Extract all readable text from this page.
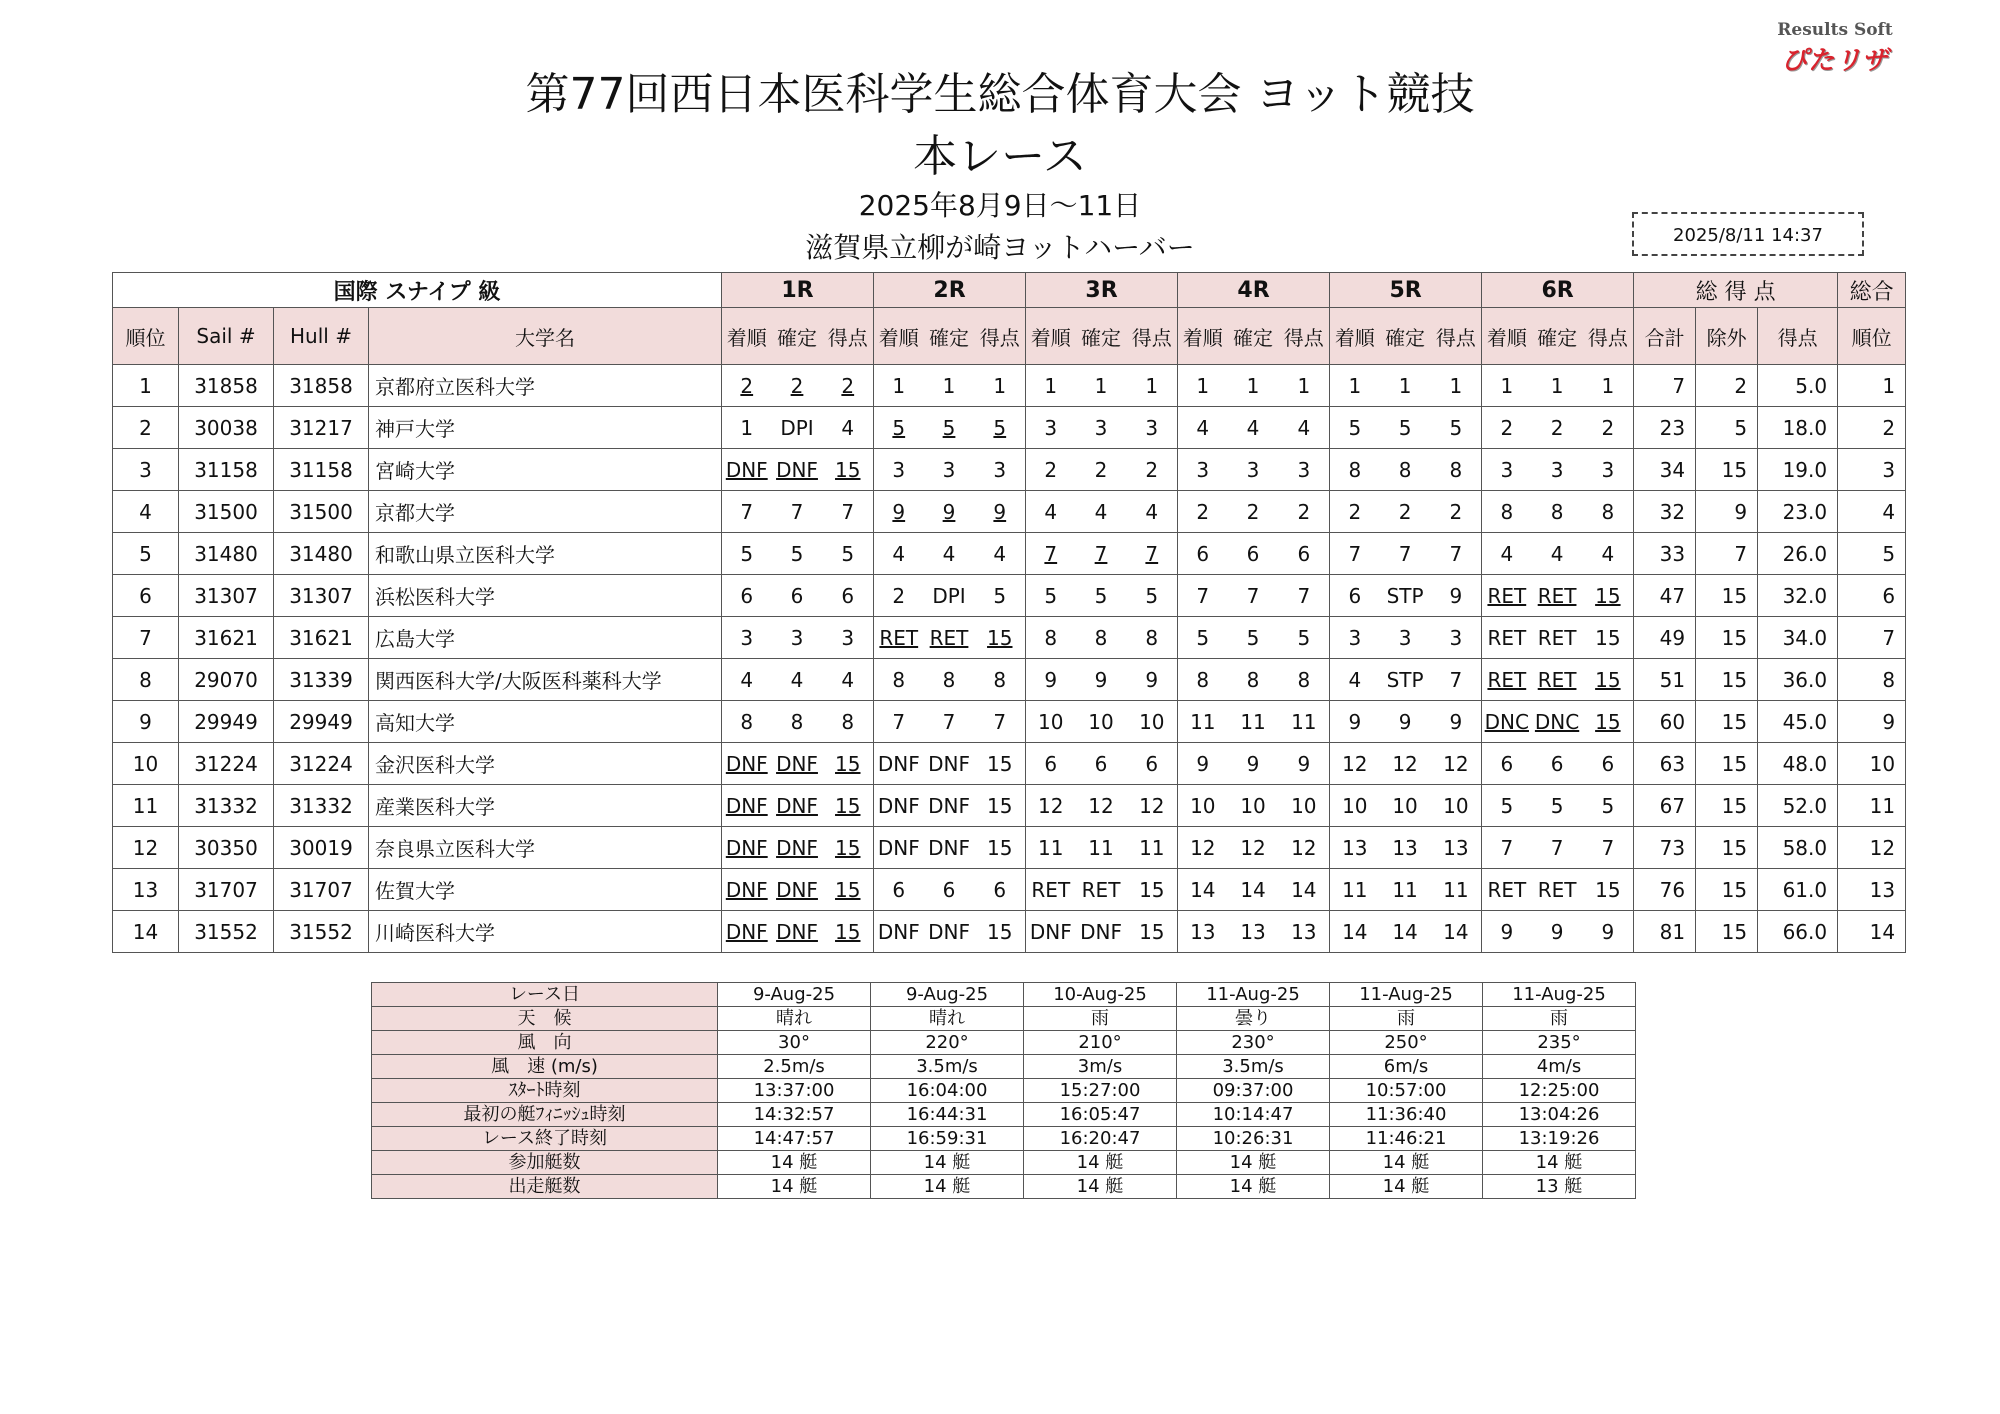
第77回西日本医科学生総合体育大会 ヨット競技
本レース
2025年8月9日～11日
滋賀県立柳が崎ヨットハーバー	2025/8/11 14:37
Results Soft
ぴたリザ
国際 スナイプ 級				1R			2R			3R			4R			5R			6R			総 得 点			総合
順位	Sail #	Hull #	大学名	着順	確定	得点	着順	確定	得点	着順	確定	得点	着順	確定	得点	着順	確定	得点	着順	確定	得点	合計	除外	得点	順位
1	31858	31858	京都府立医科大学	2	2	2	1	1	1	1	1	1	1	1	1	1	1	1	1	1	1	7	2	5.0	1
2	30038	31217	神戸大学	1	DPI	4	5	5	5	3	3	3	4	4	4	5	5	5	2	2	2	23	5	18.0	2
3	31158	31158	宮崎大学	DNF	DNF	15	3	3	3	2	2	2	3	3	3	8	8	8	3	3	3	34	15	19.0	3
4	31500	31500	京都大学	7	7	7	9	9	9	4	4	4	2	2	2	2	2	2	8	8	8	32	9	23.0	4
5	31480	31480	和歌山県立医科大学	5	5	5	4	4	4	7	7	7	6	6	6	7	7	7	4	4	4	33	7	26.0	5
6	31307	31307	浜松医科大学	6	6	6	2	DPI	5	5	5	5	7	7	7	6	STP	9	RET	RET	15	47	15	32.0	6
7	31621	31621	広島大学	3	3	3	RET	RET	15	8	8	8	5	5	5	3	3	3	RET	RET	15	49	15	34.0	7
8	29070	31339	関西医科大学/大阪医科薬科大学	4	4	4	8	8	8	9	9	9	8	8	8	4	STP	7	RET	RET	15	51	15	36.0	8
9	29949	29949	高知大学	8	8	8	7	7	7	10	10	10	11	11	11	9	9	9	DNC	DNC	15	60	15	45.0	9
10	31224	31224	金沢医科大学	DNF	DNF	15	DNF	DNF	15	6	6	6	9	9	9	12	12	12	6	6	6	63	15	48.0	10
11	31332	31332	産業医科大学	DNF	DNF	15	DNF	DNF	15	12	12	12	10	10	10	10	10	10	5	5	5	67	15	52.0	11
12	30350	30019	奈良県立医科大学	DNF	DNF	15	DNF	DNF	15	11	11	11	12	12	12	13	13	13	7	7	7	73	15	58.0	12
13	31707	31707	佐賀大学	DNF	DNF	15	6	6	6	RET	RET	15	14	14	14	11	11	11	RET	RET	15	76	15	61.0	13
14	31552	31552	川崎医科大学	DNF	DNF	15	DNF	DNF	15	DNF	DNF	15	13	13	13	14	14	14	9	9	9	81	15	66.0	14
レース日	9-Aug-25	9-Aug-25	10-Aug-25	11-Aug-25	11-Aug-25	11-Aug-25
天　候	晴れ	晴れ	雨	曇り	雨	雨
風　向	30°	220°	210°	230°	250°	235°
風　速 (m/s)	2.5m/s	3.5m/s	3m/s	3.5m/s	6m/s	4m/s
ｽﾀｰﾄ時刻	13:37:00	16:04:00	15:27:00	09:37:00	10:57:00	12:25:00
最初の艇ﾌｨﾆｯｼｭ時刻	14:32:57	16:44:31	16:05:47	10:14:47	11:36:40	13:04:26
レース終了時刻	14:47:57	16:59:31	16:20:47	10:26:31	11:46:21	13:19:26
参加艇数	14 艇	14 艇	14 艇	14 艇	14 艇	14 艇
出走艇数	14 艇	14 艇	14 艇	14 艇	14 艇	13 艇
